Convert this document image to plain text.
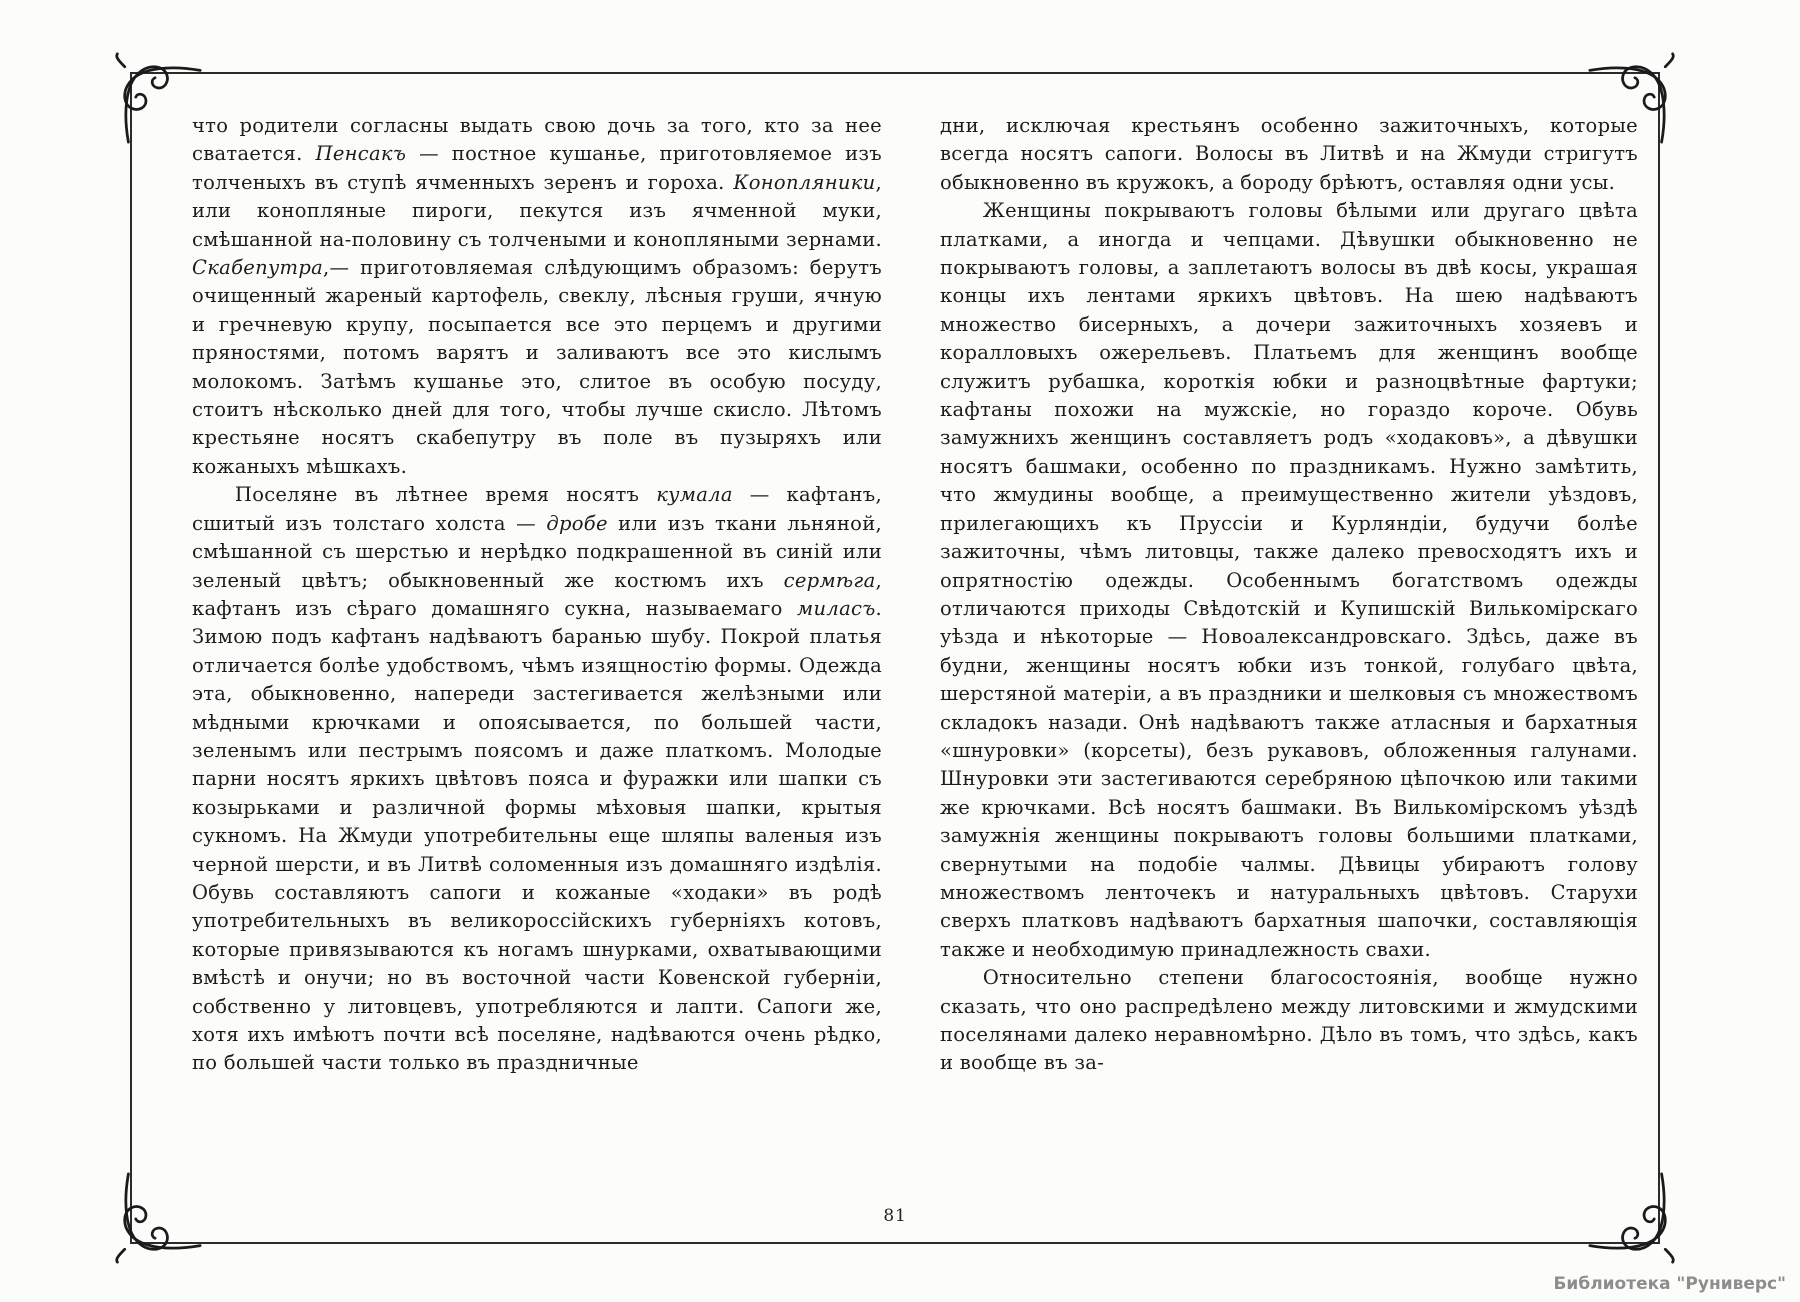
что родители согласны выдать свою дочь за того, кто за нее сватается. Пенсакъ — постное кушанье, приготовляемое изъ толченыхъ въ ступѣ ячменныхъ зеренъ и гороха. Конопляники, или конопляные пироги, пекутся изъ ячменной муки, смѣшанной на-половину съ толчеными и конопляными зернами. Скабепутра,— приготовляемая слѣдующимъ образомъ: берутъ очищенный жареный картофель, свеклу, лѣсныя груши, ячную и гречневую крупу, посыпается все это перцемъ и другими пряностями, потомъ варятъ и заливаютъ все это кислымъ молокомъ. Затѣмъ кушанье это, слитое въ особую посуду, стоитъ нѣсколько дней для того, чтобы лучше скисло. Лѣтомъ крестьяне носятъ скабепутру въ поле въ пузыряхъ или кожаныхъ мѣшкахъ.

Поселяне въ лѣтнее время носятъ кумала — кафтанъ, сшитый изъ толстаго холста — дробе или изъ ткани льняной, смѣшанной съ шерстью и нерѣдко подкрашенной въ синій или зеленый цвѣтъ; обыкновенный же костюмъ ихъ сермѣга, кафтанъ изъ сѣраго домашняго сукна, называемаго миласъ. Зимою подъ кафтанъ надѣваютъ баранью шубу. Покрой платья отличается болѣе удобствомъ, чѣмъ изящностію формы. Одежда эта, обыкновенно, напереди застегивается желѣзными или мѣдными крючками и опоясывается, по большей части, зеленымъ или пестрымъ поясомъ и даже платкомъ. Молодые парни носятъ яркихъ цвѣтовъ пояса и фуражки или шапки съ козырьками и различной формы мѣховыя шапки, крытыя сукномъ. На Жмуди употребительны еще шляпы валеныя изъ черной шерсти, и въ Литвѣ соломенныя изъ домашняго издѣлія. Обувь составляютъ сапоги и кожаные «ходаки» въ родѣ употребительныхъ въ великороссійскихъ губерніяхъ котовъ, которые привязываются къ ногамъ шнурками, охватывающими вмѣстѣ и онучи; но въ восточной части Ковенской губерніи, собственно у литовцевъ, употребляются и лапти. Сапоги же, хотя ихъ имѣютъ почти всѣ поселяне, надѣваются очень рѣдко, по большей части только въ праздничные

дни, исключая крестьянъ особенно зажиточныхъ, которые всегда носятъ сапоги. Волосы въ Литвѣ и на Жмуди стригутъ обыкновенно въ кружокъ, а бороду брѣютъ, оставляя одни усы.

Женщины покрываютъ головы бѣлыми или другаго цвѣта платками, а иногда и чепцами. Дѣвушки обыкновенно не покрываютъ головы, а заплетаютъ волосы въ двѣ косы, украшая концы ихъ лентами яркихъ цвѣтовъ. На шею надѣваютъ множество бисерныхъ, а дочери зажиточныхъ хозяевъ и коралловыхъ ожерельевъ. Платьемъ для женщинъ вообще служитъ рубашка, короткія юбки и разноцвѣтные фартуки; кафтаны похожи на мужскіе, но гораздо короче. Обувь замужнихъ женщинъ составляетъ родъ «ходаковъ», а дѣвушки носятъ башмаки, особенно по праздникамъ. Нужно замѣтить, что жмудины вообще, а преимущественно жители уѣздовъ, прилегающихъ къ Пруссіи и Курляндіи, будучи болѣе зажиточны, чѣмъ литовцы, также далеко превосходятъ ихъ и опрятностію одежды. Особеннымъ богатствомъ одежды отличаются приходы Свѣдотскій и Купишскій Вилькомірскаго уѣзда и нѣкоторые — Новоалександровскаго. Здѣсь, даже въ будни, женщины носятъ юбки изъ тонкой, голубаго цвѣта, шерстяной матеріи, а въ праздники и шелковыя съ множествомъ складокъ назади. Онѣ надѣваютъ также атласныя и бархатныя «шнуровки» (корсеты), безъ рукавовъ, обложенныя галунами. Шнуровки эти застегиваются серебряною цѣпочкою или такими же крючками. Всѣ носятъ башмаки. Въ Вилькомірскомъ уѣздѣ замужнія женщины покрываютъ головы большими платками, свернутыми на подобіе чалмы. Дѣвицы убираютъ голову множествомъ ленточекъ и натуральныхъ цвѣтовъ. Старухи сверхъ платковъ надѣваютъ бархатныя шапочки, составляющія также и необходимую принадлежность свахи.

Относительно степени благосостоянія, вообще нужно сказать, что оно распредѣлено между литовскими и жмудскими поселянами далеко неравномѣрно. Дѣло въ томъ, что здѣсь, какъ и вообще въ за-

81
Библиотека "Руниверс"
